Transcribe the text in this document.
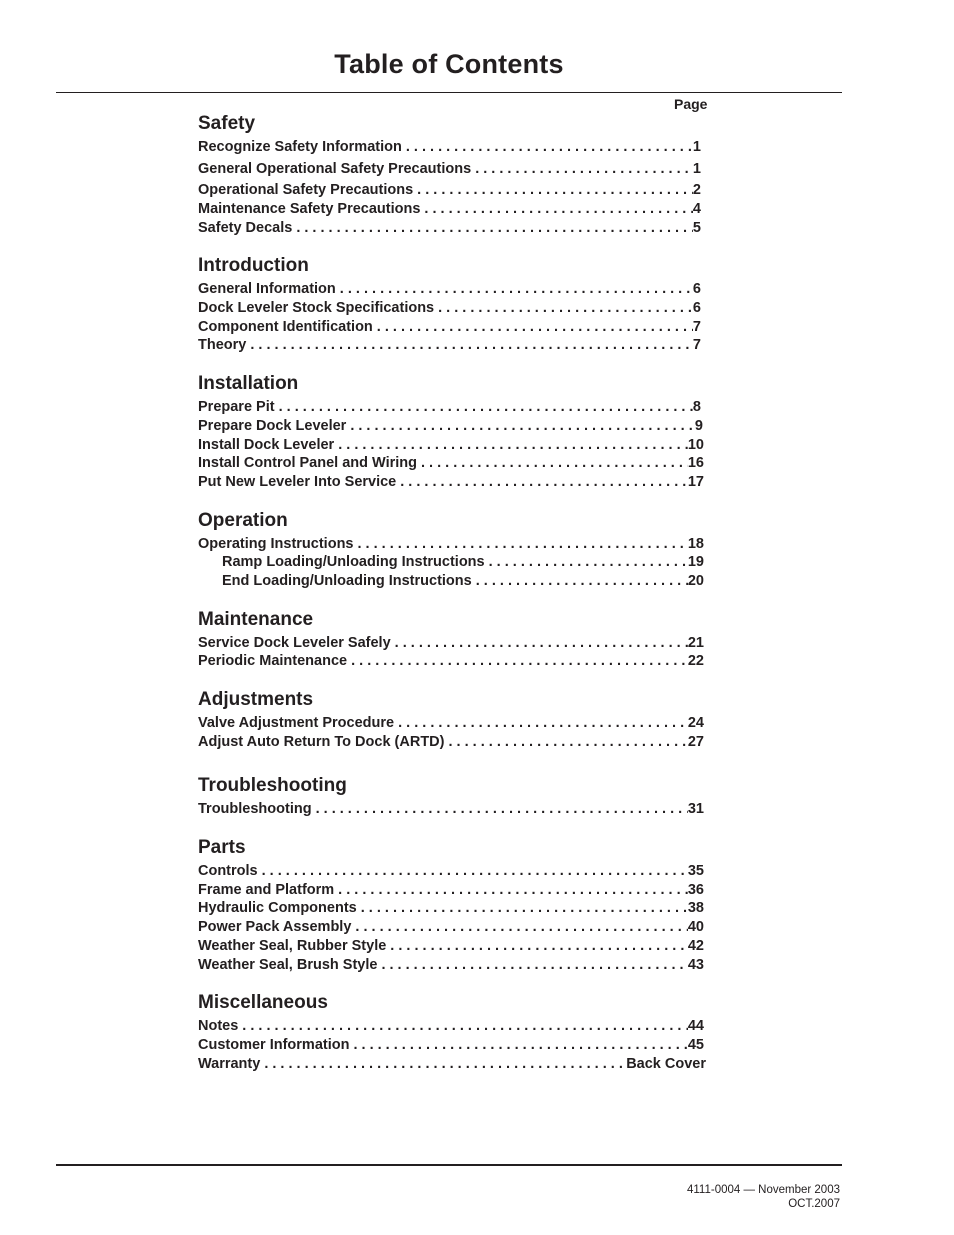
Table of Contents
Page
Safety
Recognize Safety Information . . .	1
General Operational Safety Precautions . . .	1
Operational Safety Precautions . . .	2
Maintenance Safety Precautions . . .	4
Safety Decals . . .	5
Introduction
General Information . . .	6
Dock Leveler Stock Specifications . . .	6
Component Identification . . .	7
Theory . . .	7
Installation
Prepare Pit . . .	8
Prepare Dock Leveler . . .	9
Install Dock Leveler . . .	10
Install Control Panel and Wiring . . .	16
Put New Leveler Into Service . . .	17
Operation
Operating Instructions . . .	18
Ramp Loading/Unloading Instructions . . .	19
End Loading/Unloading Instructions . . .	20
Maintenance
Service Dock Leveler Safely . . .	21
Periodic Maintenance . . .	22
Adjustments
Valve Adjustment Procedure . . .	24
Adjust Auto Return To Dock (ARTD) . . .	27
Troubleshooting
Troubleshooting . . .	31
Parts
Controls . . .	35
Frame and Platform . . .	36
Hydraulic Components . . .	38
Power Pack Assembly . . .	40
Weather Seal, Rubber Style . . .	42
Weather Seal, Brush Style . . .	43
Miscellaneous
Notes . . .	44
Customer Information . . .	45
Warranty . . .	Back Cover
4111-0004 — November 2003
OCT.2007
